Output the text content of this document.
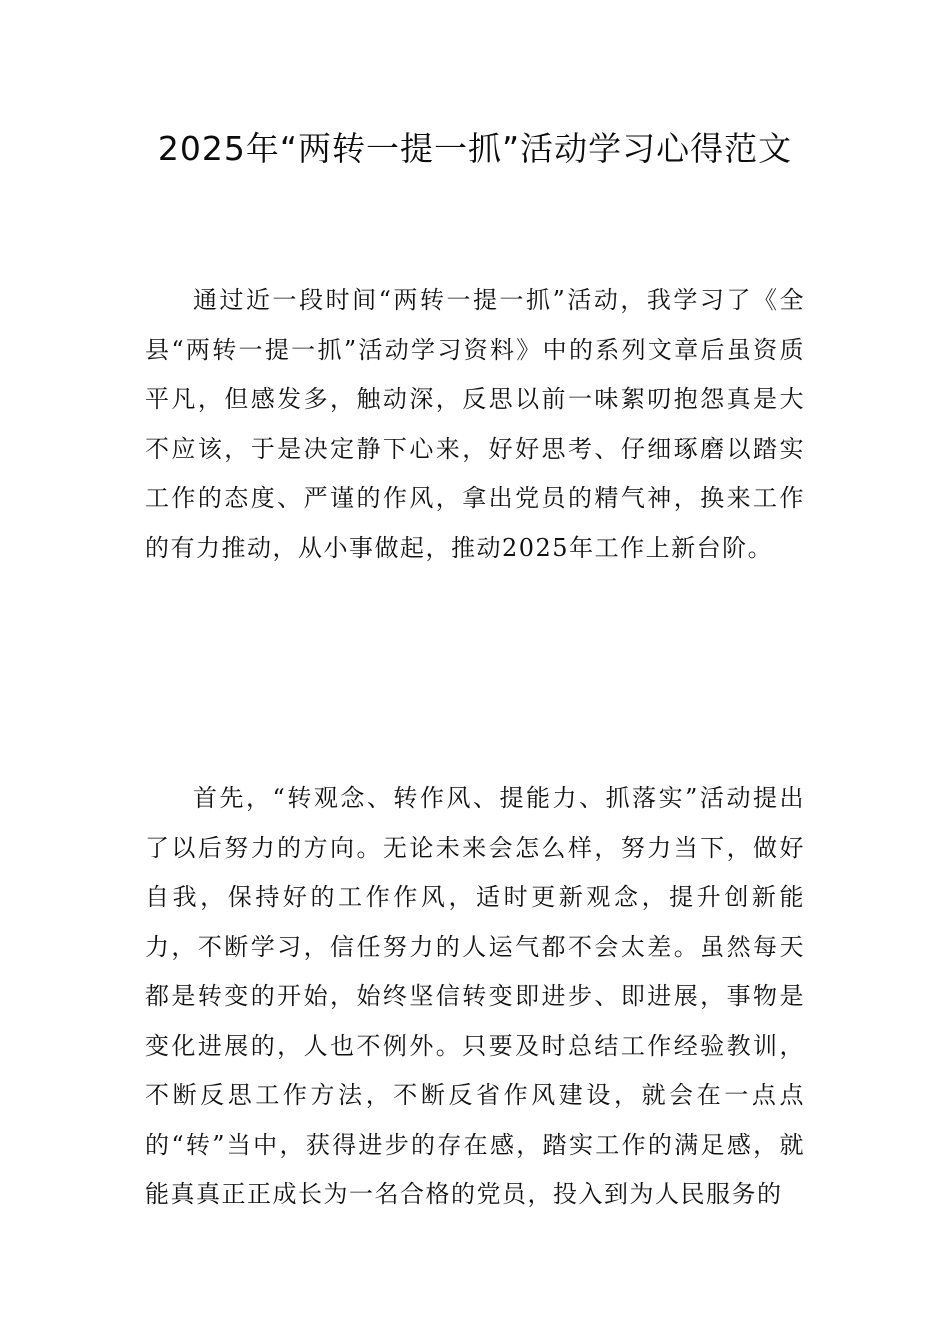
2025年“两转一提一抓”活动学习心得范文

通过近一段时间“两转一提一抓”活动，我学习了《全县“两转一提一抓”活动学习资料》中的系列文章后虽资质平凡，但感发多，触动深，反思以前一味絮叨抱怨真是大不应该，于是决定静下心来，好好思考、仔细琢磨以踏实工作的态度、严谨的作风，拿出党员的精气神，换来工作的有力推动，从小事做起，推动2025年工作上新台阶。

首先，“转观念、转作风、提能力、抓落实”活动提出了以后努力的方向。无论未来会怎么样，努力当下，做好自我，保持好的工作作风，适时更新观念，提升创新能力，不断学习，信任努力的人运气都不会太差。虽然每天都是转变的开始，始终坚信转变即进步、即进展，事物是变化进展的，人也不例外。只要及时总结工作经验教训，不断反思工作方法，不断反省作风建设，就会在一点点的“转”当中，获得进步的存在感，踏实工作的满足感，就能真真正正成长为一名合格的党员，投入到为人民服务的
